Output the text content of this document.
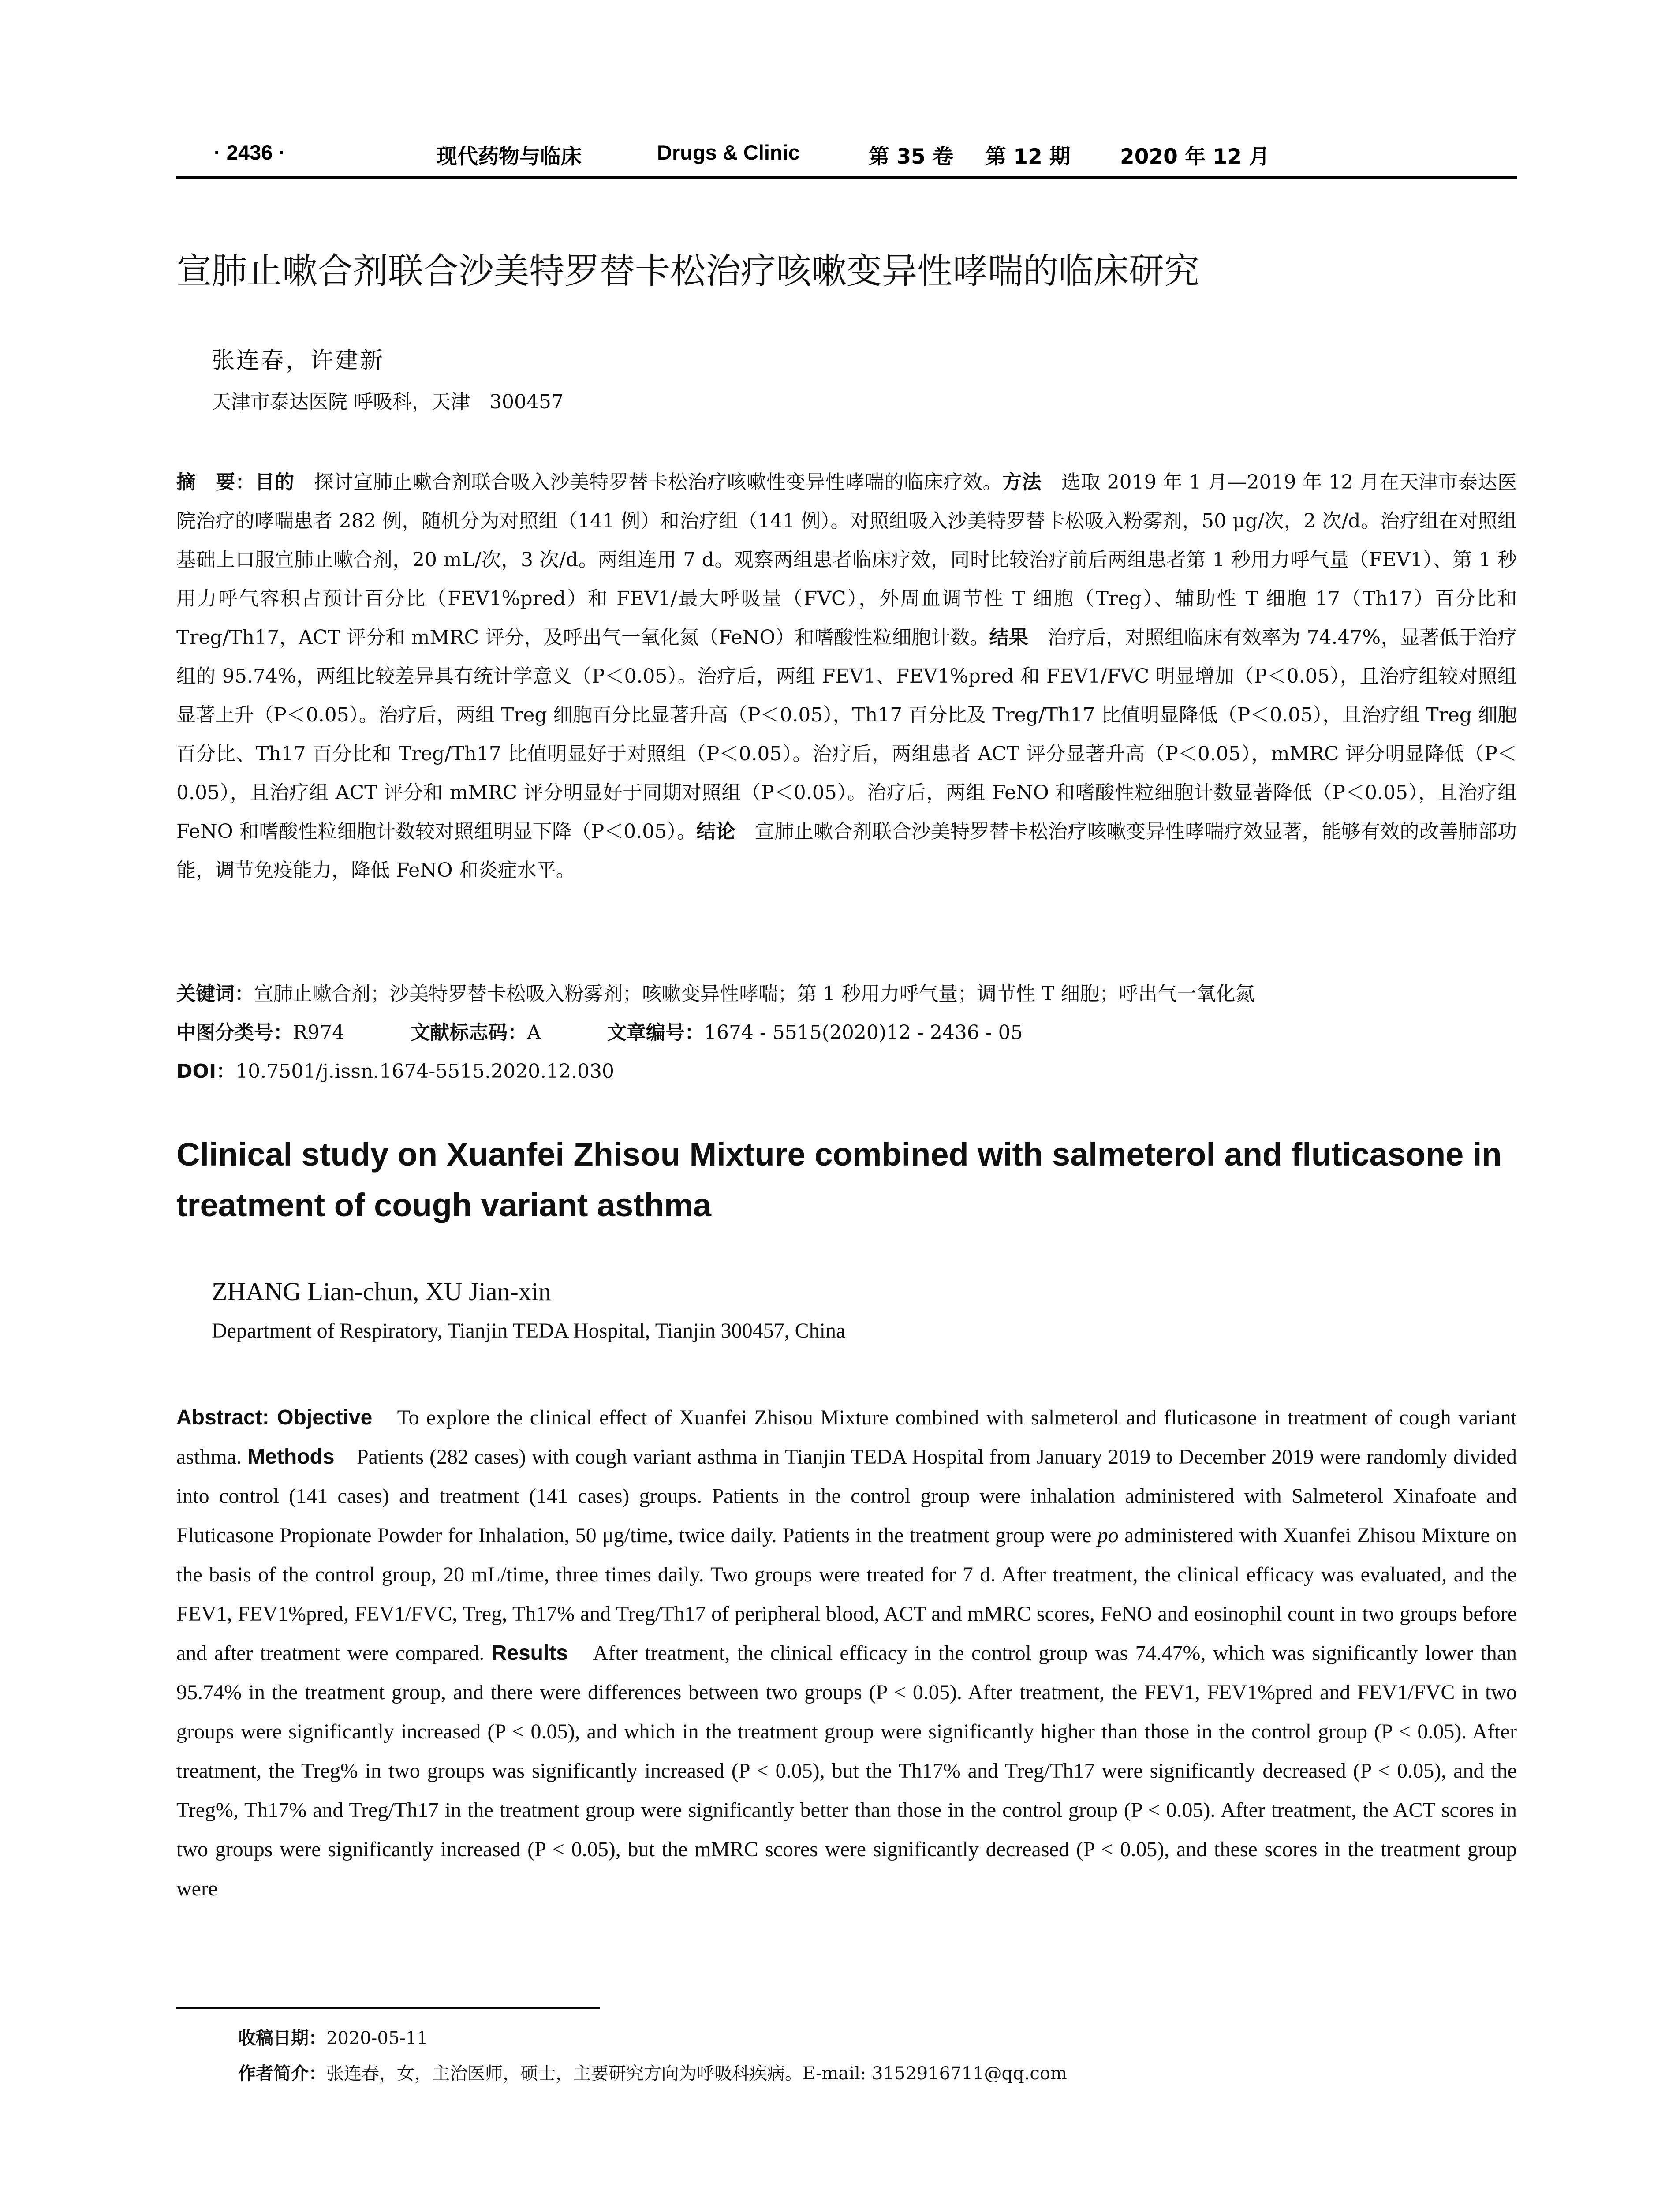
· 2436 ·	现代药物与临床	Drugs & Clinic	第 35 卷 第 12 期 2020 年 12 月
宣肺止嗽合剂联合沙美特罗替卡松治疗咳嗽变异性哮喘的临床研究
张连春，许建新
天津市泰达医院 呼吸科，天津　300457
摘　要：目的　探讨宣肺止嗽合剂联合吸入沙美特罗替卡松治疗咳嗽性变异性哮喘的临床疗效。方法　选取 2019 年 1 月—2019 年 12 月在天津市泰达医院治疗的哮喘患者 282 例，随机分为对照组（141 例）和治疗组（141 例）。对照组吸入沙美特罗替卡松吸入粉雾剂，50 μg/次，2 次/d。治疗组在对照组基础上口服宣肺止嗽合剂，20 mL/次，3 次/d。两组连用 7 d。观察两组患者临床疗效，同时比较治疗前后两组患者第 1 秒用力呼气量（FEV1）、第 1 秒用力呼气容积占预计百分比（FEV1%pred）和 FEV1/最大呼吸量（FVC），外周血调节性 T 细胞（Treg）、辅助性 T 细胞 17（Th17）百分比和 Treg/Th17，ACT 评分和 mMRC 评分，及呼出气一氧化氮（FeNO）和嗜酸性粒细胞计数。结果　治疗后，对照组临床有效率为 74.47%，显著低于治疗组的 95.74%，两组比较差异具有统计学意义（P＜0.05）。治疗后，两组 FEV1、FEV1%pred 和 FEV1/FVC 明显增加（P＜0.05），且治疗组较对照组显著上升（P＜0.05）。治疗后，两组 Treg 细胞百分比显著升高（P＜0.05），Th17 百分比及 Treg/Th17 比值明显降低（P＜0.05），且治疗组 Treg 细胞百分比、Th17 百分比和 Treg/Th17 比值明显好于对照组（P＜0.05）。治疗后，两组患者 ACT 评分显著升高（P＜0.05），mMRC 评分明显降低（P＜0.05），且治疗组 ACT 评分和 mMRC 评分明显好于同期对照组（P＜0.05）。治疗后，两组 FeNO 和嗜酸性粒细胞计数显著降低（P＜0.05），且治疗组 FeNO 和嗜酸性粒细胞计数较对照组明显下降（P＜0.05）。结论　宣肺止嗽合剂联合沙美特罗替卡松治疗咳嗽变异性哮喘疗效显著，能够有效的改善肺部功能，调节免疫能力，降低 FeNO 和炎症水平。
关键词：宣肺止嗽合剂；沙美特罗替卡松吸入粉雾剂；咳嗽变异性哮喘；第 1 秒用力呼气量；调节性 T 细胞；呼出气一氧化氮
中图分类号：R974	文献标志码：A	文章编号：1674 - 5515(2020)12 - 2436 - 05
DOI：10.7501/j.issn.1674-5515.2020.12.030
Clinical study on Xuanfei Zhisou Mixture combined with salmeterol and fluticasone in treatment of cough variant asthma
ZHANG Lian-chun, XU Jian-xin
Department of Respiratory, Tianjin TEDA Hospital, Tianjin 300457, China
Abstract: Objective　To explore the clinical effect of Xuanfei Zhisou Mixture combined with salmeterol and fluticasone in treatment of cough variant asthma. Methods　Patients (282 cases) with cough variant asthma in Tianjin TEDA Hospital from January 2019 to December 2019 were randomly divided into control (141 cases) and treatment (141 cases) groups. Patients in the control group were inhalation administered with Salmeterol Xinafoate and Fluticasone Propionate Powder for Inhalation, 50 μg/time, twice daily. Patients in the treatment group were po administered with Xuanfei Zhisou Mixture on the basis of the control group, 20 mL/time, three times daily. Two groups were treated for 7 d. After treatment, the clinical efficacy was evaluated, and the FEV1, FEV1%pred, FEV1/FVC, Treg, Th17% and Treg/Th17 of peripheral blood, ACT and mMRC scores, FeNO and eosinophil count in two groups before and after treatment were compared. Results　After treatment, the clinical efficacy in the control group was 74.47%, which was significantly lower than 95.74% in the treatment group, and there were differences between two groups (P < 0.05). After treatment, the FEV1, FEV1%pred and FEV1/FVC in two groups were significantly increased (P < 0.05), and which in the treatment group were significantly higher than those in the control group (P < 0.05). After treatment, the Treg% in two groups was significantly increased (P < 0.05), but the Th17% and Treg/Th17 were significantly decreased (P < 0.05), and the Treg%, Th17% and Treg/Th17 in the treatment group were significantly better than those in the control group (P < 0.05). After treatment, the ACT scores in two groups were significantly increased (P < 0.05), but the mMRC scores were significantly decreased (P < 0.05), and these scores in the treatment group were
收稿日期：2020-05-11
作者简介：张连春，女，主治医师，硕士，主要研究方向为呼吸科疾病。E-mail: 3152916711@qq.com
